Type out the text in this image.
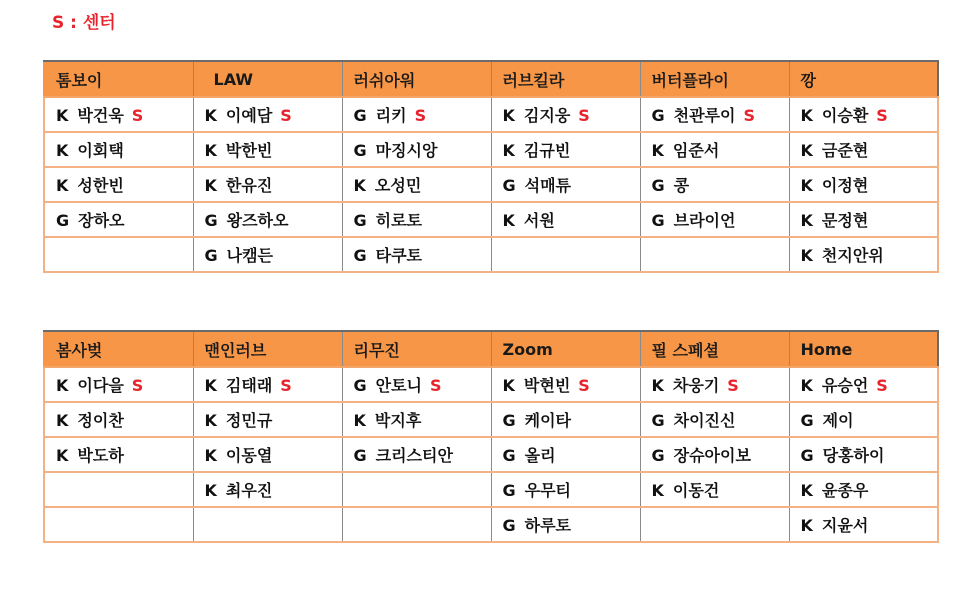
S : 센터
톰보이	LAW	러쉬아워	러브킬라	버터플라이	깡
K 박건욱 S	K 이예담 S	G 리키 S	K 김지웅 S	G 천관루이 S	K 이승환 S
K 이회택	K 박한빈	G 마징시앙	K 김규빈	K 임준서	K 금준현
K 성한빈	K 한유진	K 오성민	G 석매튜	G 콩	K 이정현
G 장하오	G 왕즈하오	G 히로토	K 서원	G 브라이언	K 문정현
	G 나캠든	G 타쿠토			K 천지안위
봄사벚	맨인러브	리무진	Zoom	필 스페셜	Home
K 이다을 S	K 김태래 S	G 안토니 S	K 박현빈 S	K 차웅기 S	K 유승언 S
K 정이찬	K 정민규	K 박지후	G 케이타	G 차이진신	G 제이
K 박도하	K 이동열	G 크리스티안	G 올리	G 장슈아이보	G 당홍하이
	K 최우진		G 우무티	K 이동건	K 윤종우
			G 하루토		K 지윤서
